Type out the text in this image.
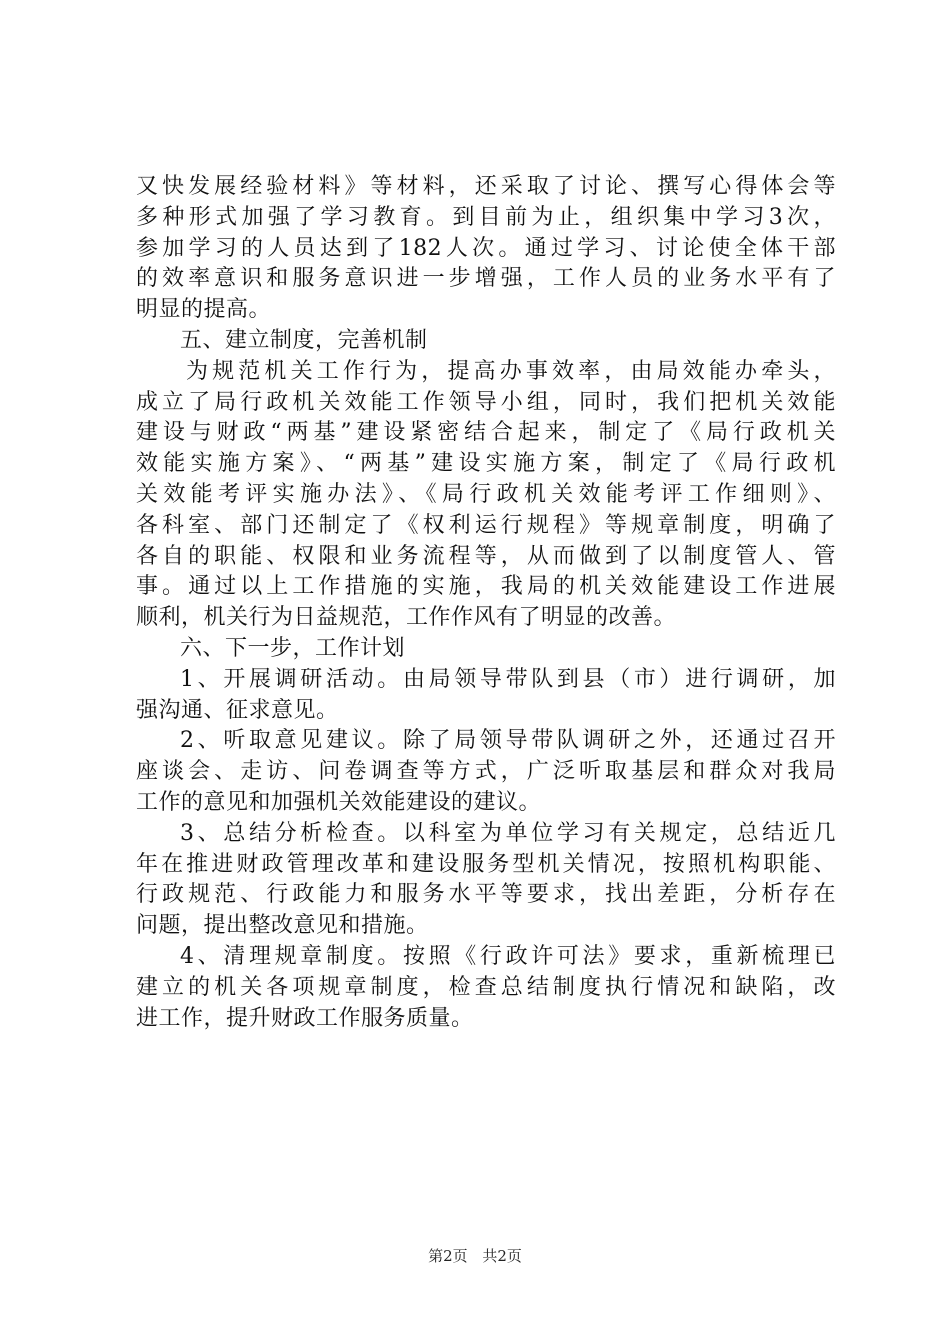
又快发展经验材料》等材料，还采取了讨论、撰写心得体会等
多种形式加强了学习教育。到目前为止，组织集中学习3次，
参加学习的人员达到了182人次。通过学习、讨论使全体干部
的效率意识和服务意识进一步增强，工作人员的业务水平有了
明显的提高。
五、建立制度，完善机制
为规范机关工作行为，提高办事效率，由局效能办牵头，
成立了局行政机关效能工作领导小组，同时，我们把机关效能
建设与财政“两基”建设紧密结合起来，制定了《局行政机关
效能实施方案》、“两基”建设实施方案，制定了《局行政机
关效能考评实施办法》、《局行政机关效能考评工作细则》、
各科室、部门还制定了《权利运行规程》等规章制度，明确了
各自的职能、权限和业务流程等，从而做到了以制度管人、管
事。通过以上工作措施的实施，我局的机关效能建设工作进展
顺利，机关行为日益规范，工作作风有了明显的改善。
六、下一步，工作计划
1、开展调研活动。由局领导带队到县（市）进行调研，加
强沟通、征求意见。
2、听取意见建议。除了局领导带队调研之外，还通过召开
座谈会、走访、问卷调查等方式，广泛听取基层和群众对我局
工作的意见和加强机关效能建设的建议。
3、总结分析检查。以科室为单位学习有关规定，总结近几
年在推进财政管理改革和建设服务型机关情况，按照机构职能、
行政规范、行政能力和服务水平等要求，找出差距，分析存在
问题，提出整改意见和措施。
4、清理规章制度。按照《行政许可法》要求，重新梳理已
建立的机关各项规章制度，检查总结制度执行情况和缺陷，改
进工作，提升财政工作服务质量。
第2页 共2页
